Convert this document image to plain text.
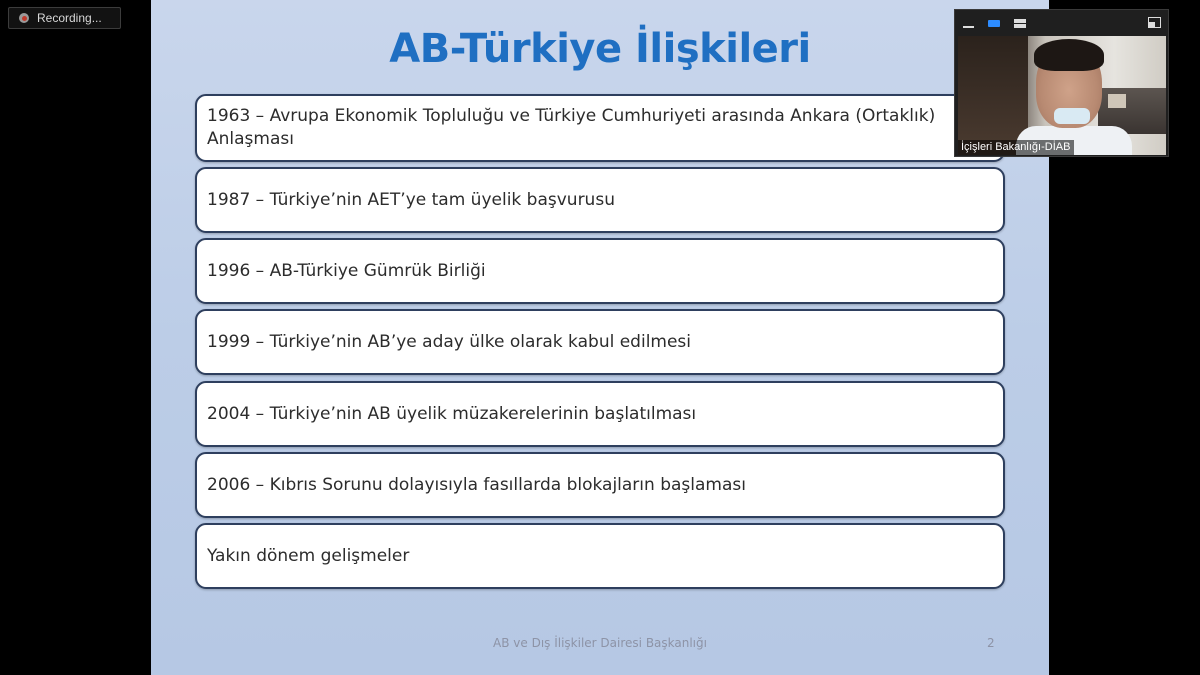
Recording...
AB-Türkiye İlişkileri
1963 – Avrupa Ekonomik Topluluğu ve Türkiye Cumhuriyeti arasında Ankara (Ortaklık) Anlaşması
1987 – Türkiye’nin AET’ye tam üyelik başvurusu
1996 – AB-Türkiye Gümrük Birliği
1999 – Türkiye’nin AB’ye aday ülke olarak kabul edilmesi
2004 – Türkiye’nin AB üyelik müzakerelerinin başlatılması
2006 – Kıbrıs Sorunu dolayısıyla fasıllarda blokajların başlaması
Yakın dönem gelişmeler
AB ve Dış İlişkiler Dairesi Başkanlığı	2
İçişleri Bakanlığı-DİAB
